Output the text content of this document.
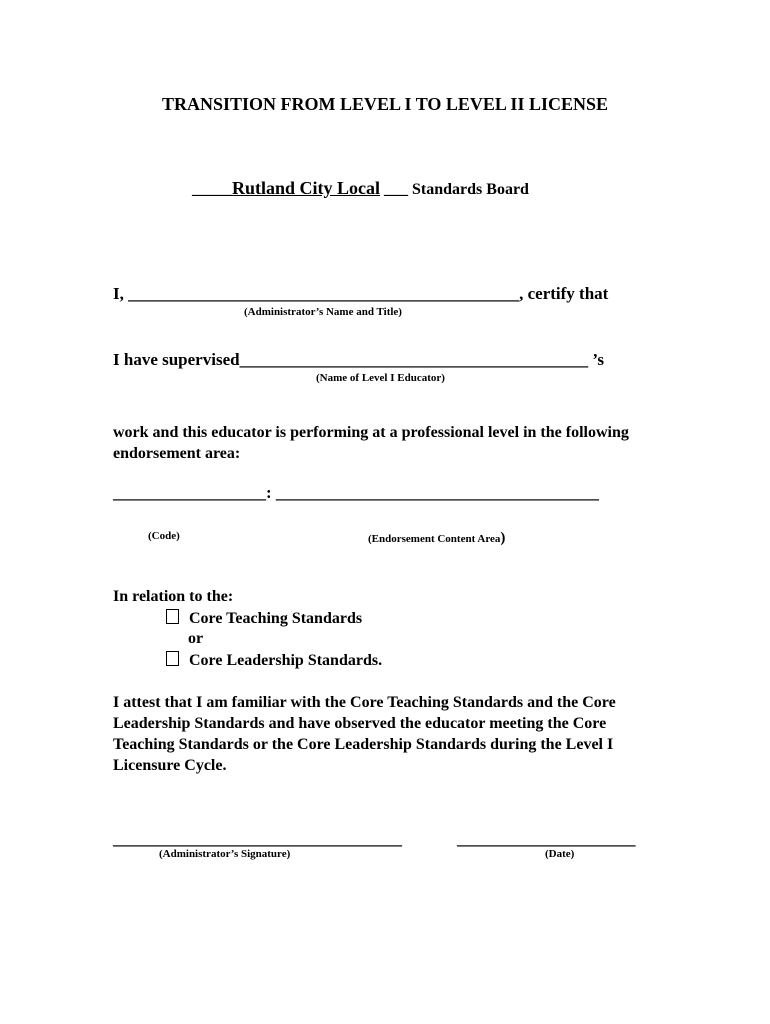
TRANSITION FROM LEVEL I TO LEVEL II LICENSE
_____Rutland City Local ___ Standards Board
I, ______________________________________________, certify that
(Administrator’s Name and Title)
I have supervised_________________________________________ ’s
(Name of Level I Educator)
work and this educator is performing at a professional level in the following endorsement area:
__________________: ______________________________________
(Code)	(Endorsement Content Area)
In relation to the:
Core Teaching Standards
or
Core Leadership Standards.
I attest that I am familiar with the Core Teaching Standards and the Core Leadership Standards and have observed the educator meeting the Core Teaching Standards or the Core Leadership Standards during the Level I Licensure Cycle.
__________________________________
(Administrator’s Signature)
_____________________
(Date)
